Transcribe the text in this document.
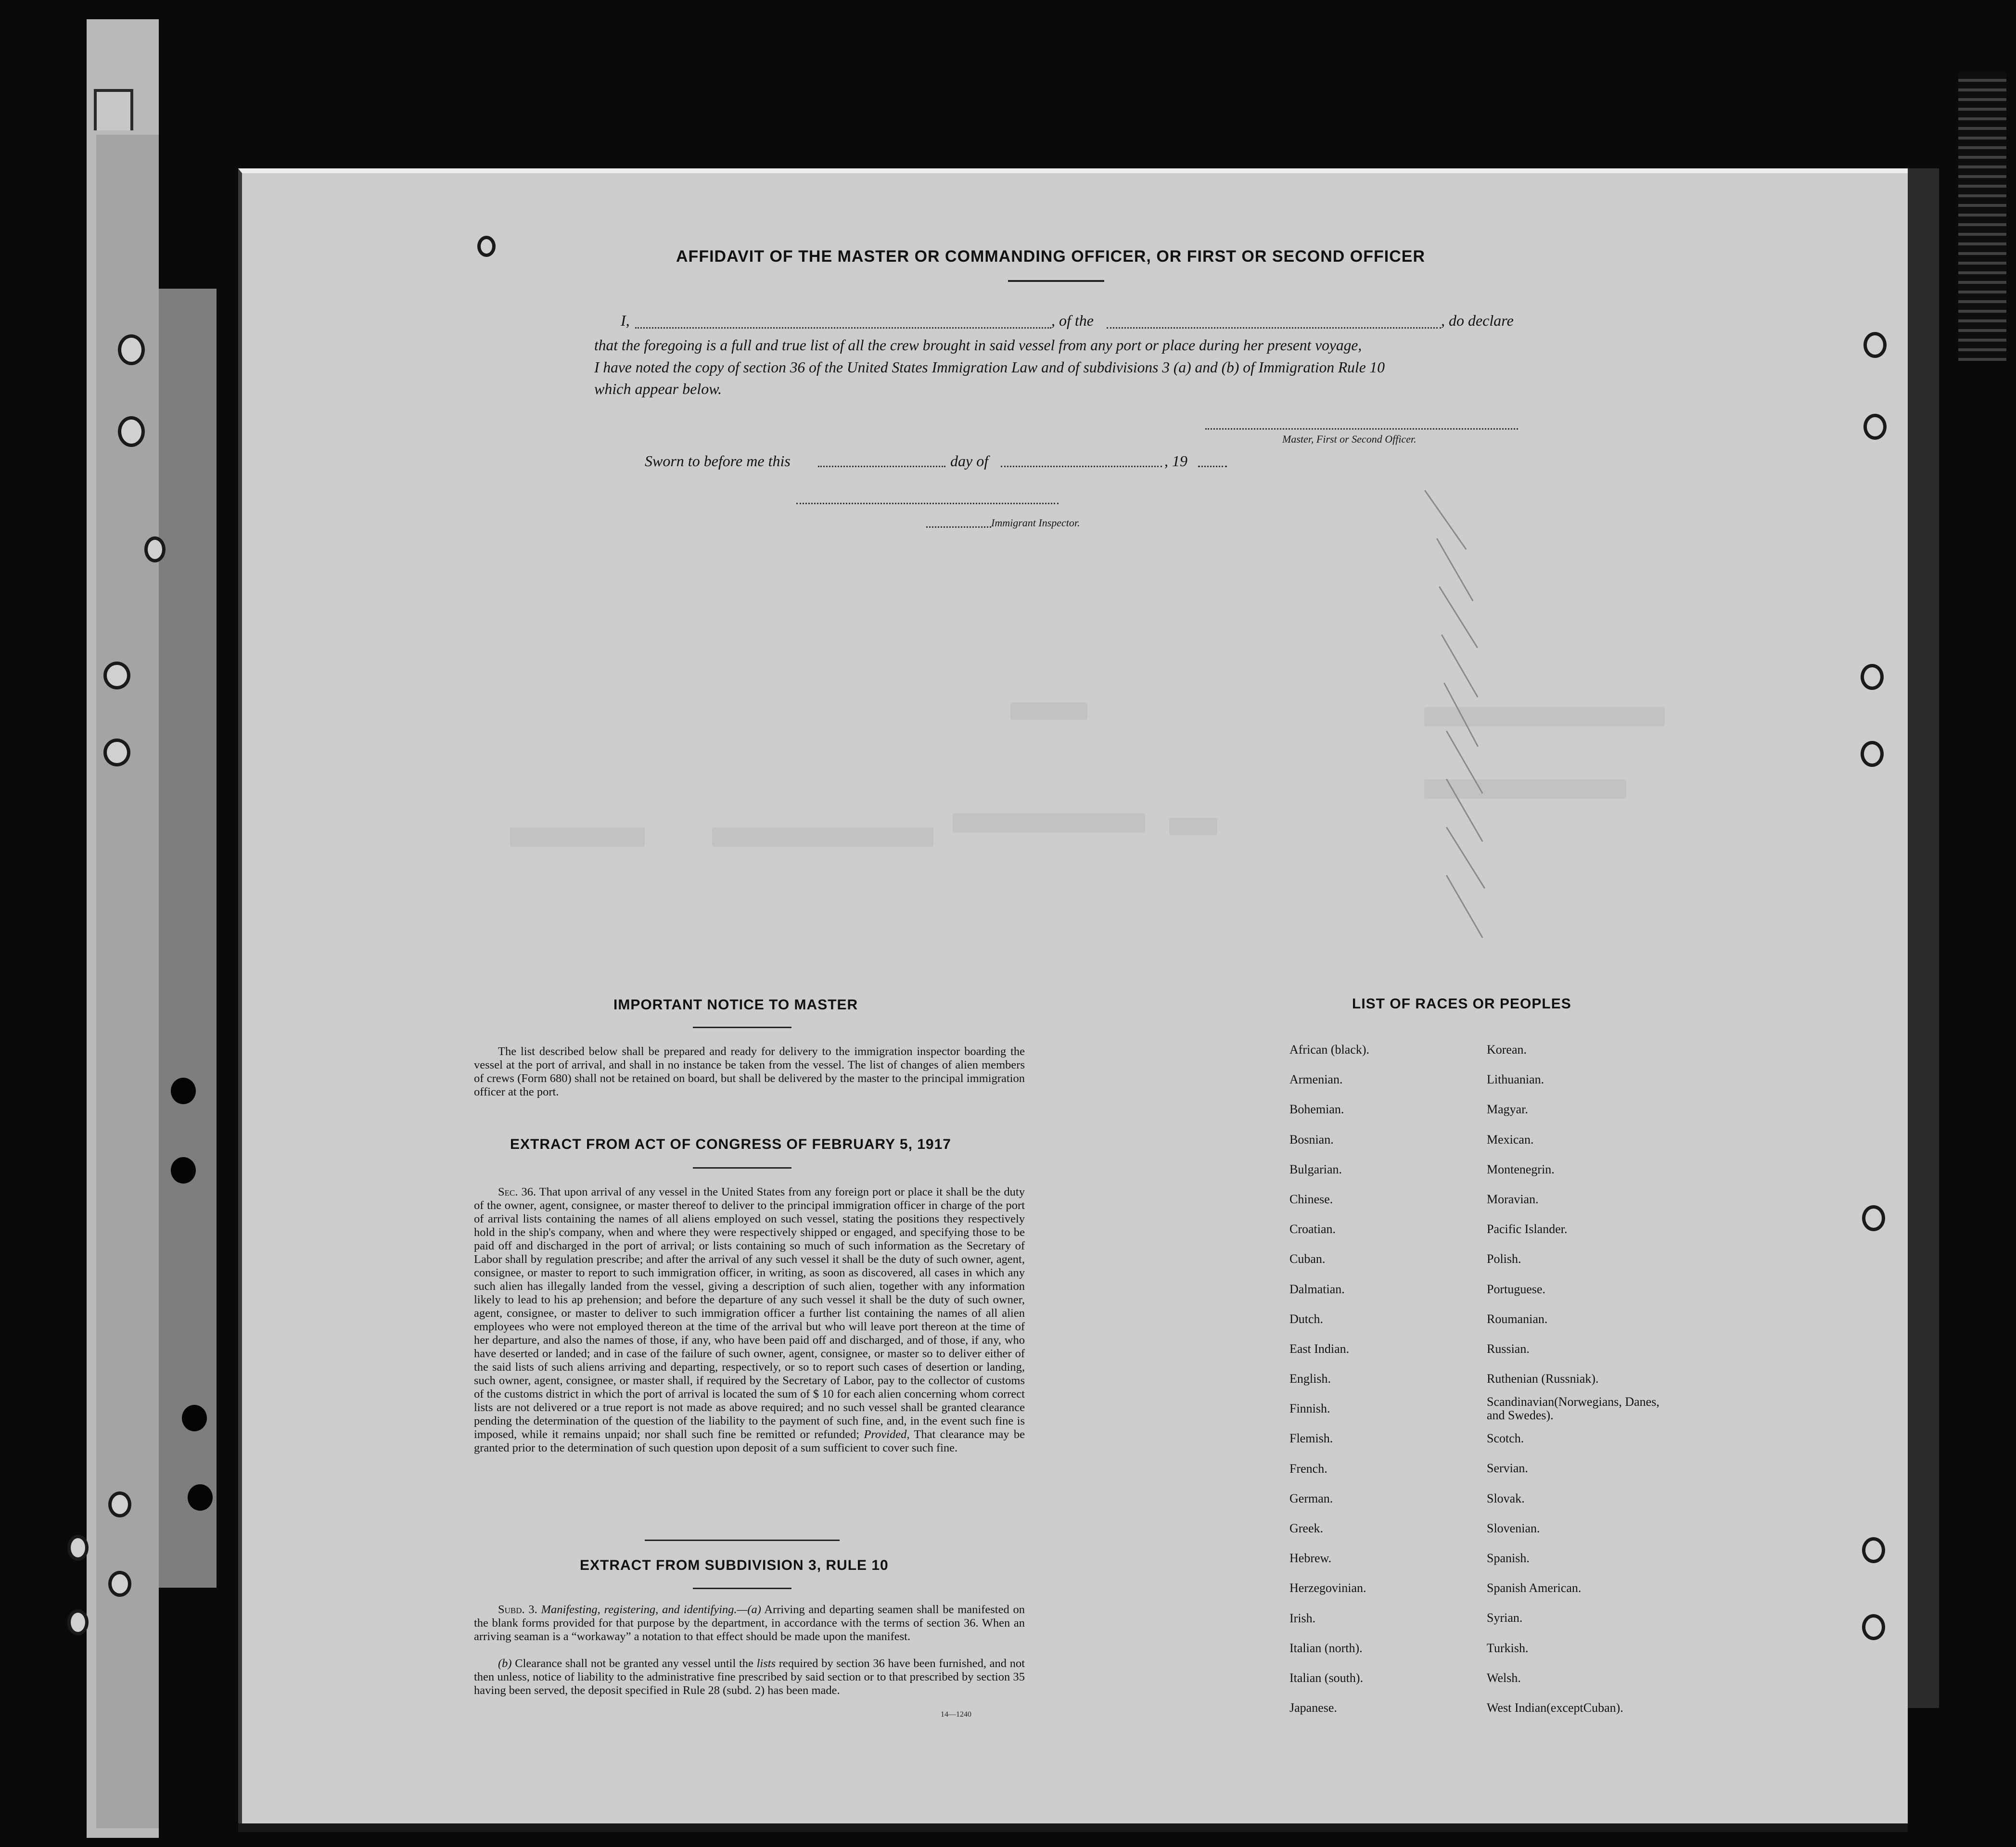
AFFIDAVIT OF THE MASTER OR COMMANDING OFFICER, OR FIRST OR SECOND OFFICER
I,	, of the	, do declare
that the foregoing is a full and true list of all the crew brought in said vessel from any port or place during her present voyage,
I have noted the copy of section 36 of the United States Immigration Law and of subdivisions 3 (a) and (b) of Immigration Rule 10
which appear below.
Master, First or Second Officer.
Sworn to before me this	day of	, 19
Immigrant Inspector.
IMPORTANT NOTICE TO MASTER
The list described below shall be prepared and ready for delivery to the immigration inspector boarding the vessel at the port of arrival, and shall in no instance be taken from the vessel. The list of changes of alien members of crews (Form 680) shall not be retained on board, but shall be delivered by the master to the principal immigration officer at the port.
EXTRACT FROM ACT OF CONGRESS OF FEBRUARY 5, 1917
Sec. 36. That upon arrival of any vessel in the United States from any foreign port or place it shall be the duty of the owner, agent, consignee, or master thereof to deliver to the principal immigration officer in charge of the port of arrival lists containing the names of all aliens employed on such vessel, stating the positions they respectively hold in the ship's company, when and where they were respectively shipped or engaged, and specifying those to be paid off and discharged in the port of arrival; or lists containing so much of such information as the Secretary of Labor shall by regulation prescribe; and after the arrival of any such vessel it shall be the duty of such owner, agent, consignee, or master to report to such immigration officer, in writing, as soon as discovered, all cases in which any such alien has illegally landed from the vessel, giving a description of such alien, together with any information likely to lead to his ap prehension; and before the departure of any such vessel it shall be the duty of such owner, agent, consignee, or master to deliver to such immigration officer a further list containing the names of all alien employees who were not employed thereon at the time of the arrival but who will leave port thereon at the time of her departure, and also the names of those, if any, who have been paid off and discharged, and of those, if any, who have deserted or landed; and in case of the failure of such owner, agent, consignee, or master so to deliver either of the said lists of such aliens arriving and departing, respectively, or so to report such cases of desertion or landing, such owner, agent, consignee, or master shall, if required by the Secretary of Labor, pay to the collector of customs of the customs district in which the port of arrival is located the sum of $ 10 for each alien concerning whom correct lists are not delivered or a true report is not made as above required; and no such vessel shall be granted clearance pending the determination of the question of the liability to the payment of such fine, and, in the event such fine is imposed, while it remains unpaid; nor shall such fine be remitted or refunded; Provided, That clearance may be granted prior to the determination of such question upon deposit of a sum sufficient to cover such fine.
EXTRACT FROM SUBDIVISION 3, RULE 10
Subd. 3. Manifesting, registering, and identifying.—(a) Arriving and departing seamen shall be manifested on the blank forms provided for that purpose by the department, in accordance with the terms of section 36. When an arriving seaman is a “workaway” a notation to that effect should be made upon the manifest.
(b) Clearance shall not be granted any vessel until the lists required by section 36 have been furnished, and not then unless, notice of liability to the administrative fine prescribed by said section or to that prescribed by section 35 having been served, the deposit specified in Rule 28 (subd. 2) has been made.
14—1240
LIST OF RACES OR PEOPLES
African (black).
Armenian.
Bohemian.
Bosnian.
Bulgarian.
Chinese.
Croatian.
Cuban.
Dalmatian.
Dutch.
East Indian.
English.
Finnish.
Flemish.
French.
German.
Greek.
Hebrew.
Herzegovinian.
Irish.
Italian (north).
Italian (south).
Japanese.
Korean.
Lithuanian.
Magyar.
Mexican.
Montenegrin.
Moravian.
Pacific Islander.
Polish.
Portuguese.
Roumanian.
Russian.
Ruthenian (Russniak).
Scandinavian(Norwegians, Danes, and Swedes).
Scotch.
Servian.
Slovak.
Slovenian.
Spanish.
Spanish American.
Syrian.
Turkish.
Welsh.
West Indian(exceptCuban).
